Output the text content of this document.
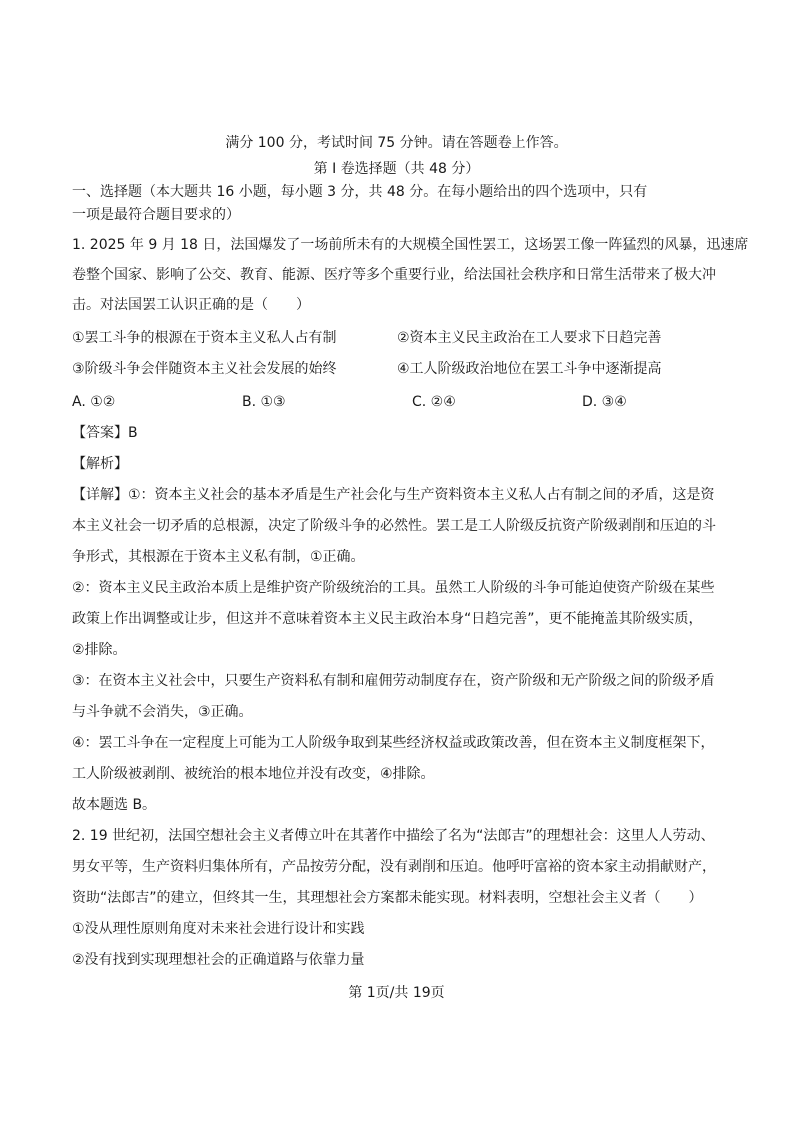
满分 100 分，考试时间 75 分钟。请在答题卷上作答。
第 I 卷选择题（共 48 分）
一、选择题（本大题共 16 小题，每小题 3 分，共 48 分。在每小题给出的四个选项中，只有
一项是最符合题目要求的）
1. 2025 年 9 月 18 日，法国爆发了一场前所未有的大规模全国性罢工，这场罢工像一阵猛烈的风暴，迅速席
卷整个国家、影响了公交、教育、能源、医疗等多个重要行业，给法国社会秩序和日常生活带来了极大冲
击。对法国罢工认识正确的是（　　）
①罢工斗争的根源在于资本主义私人占有制	②资本主义民主政治在工人要求下日趋完善
③阶级斗争会伴随资本主义社会发展的始终	④工人阶级政治地位在罢工斗争中逐渐提高
A. ①②	B. ①③	C. ②④	D. ③④
【答案】B
【解析】
【详解】①：资本主义社会的基本矛盾是生产社会化与生产资料资本主义私人占有制之间的矛盾，这是资
本主义社会一切矛盾的总根源，决定了阶级斗争的必然性。罢工是工人阶级反抗资产阶级剥削和压迫的斗
争形式，其根源在于资本主义私有制，①正确。
②：资本主义民主政治本质上是维护资产阶级统治的工具。虽然工人阶级的斗争可能迫使资产阶级在某些
政策上作出调整或让步，但这并不意味着资本主义民主政治本身“日趋完善”，更不能掩盖其阶级实质，
②排除。
③：在资本主义社会中，只要生产资料私有制和雇佣劳动制度存在，资产阶级和无产阶级之间的阶级矛盾
与斗争就不会消失，③正确。
④：罢工斗争在一定程度上可能为工人阶级争取到某些经济权益或政策改善，但在资本主义制度框架下，
工人阶级被剥削、被统治的根本地位并没有改变，④排除。
故本题选 B。
2. 19 世纪初，法国空想社会主义者傅立叶在其著作中描绘了名为“法郎吉”的理想社会：这里人人劳动、
男女平等，生产资料归集体所有，产品按劳分配，没有剥削和压迫。他呼吁富裕的资本家主动捐献财产，
资助“法郎吉”的建立，但终其一生，其理想社会方案都未能实现。材料表明，空想社会主义者（　　）
①没从理性原则角度对未来社会进行设计和实践
②没有找到实现理想社会的正确道路与依靠力量
第 1页/共 19页
